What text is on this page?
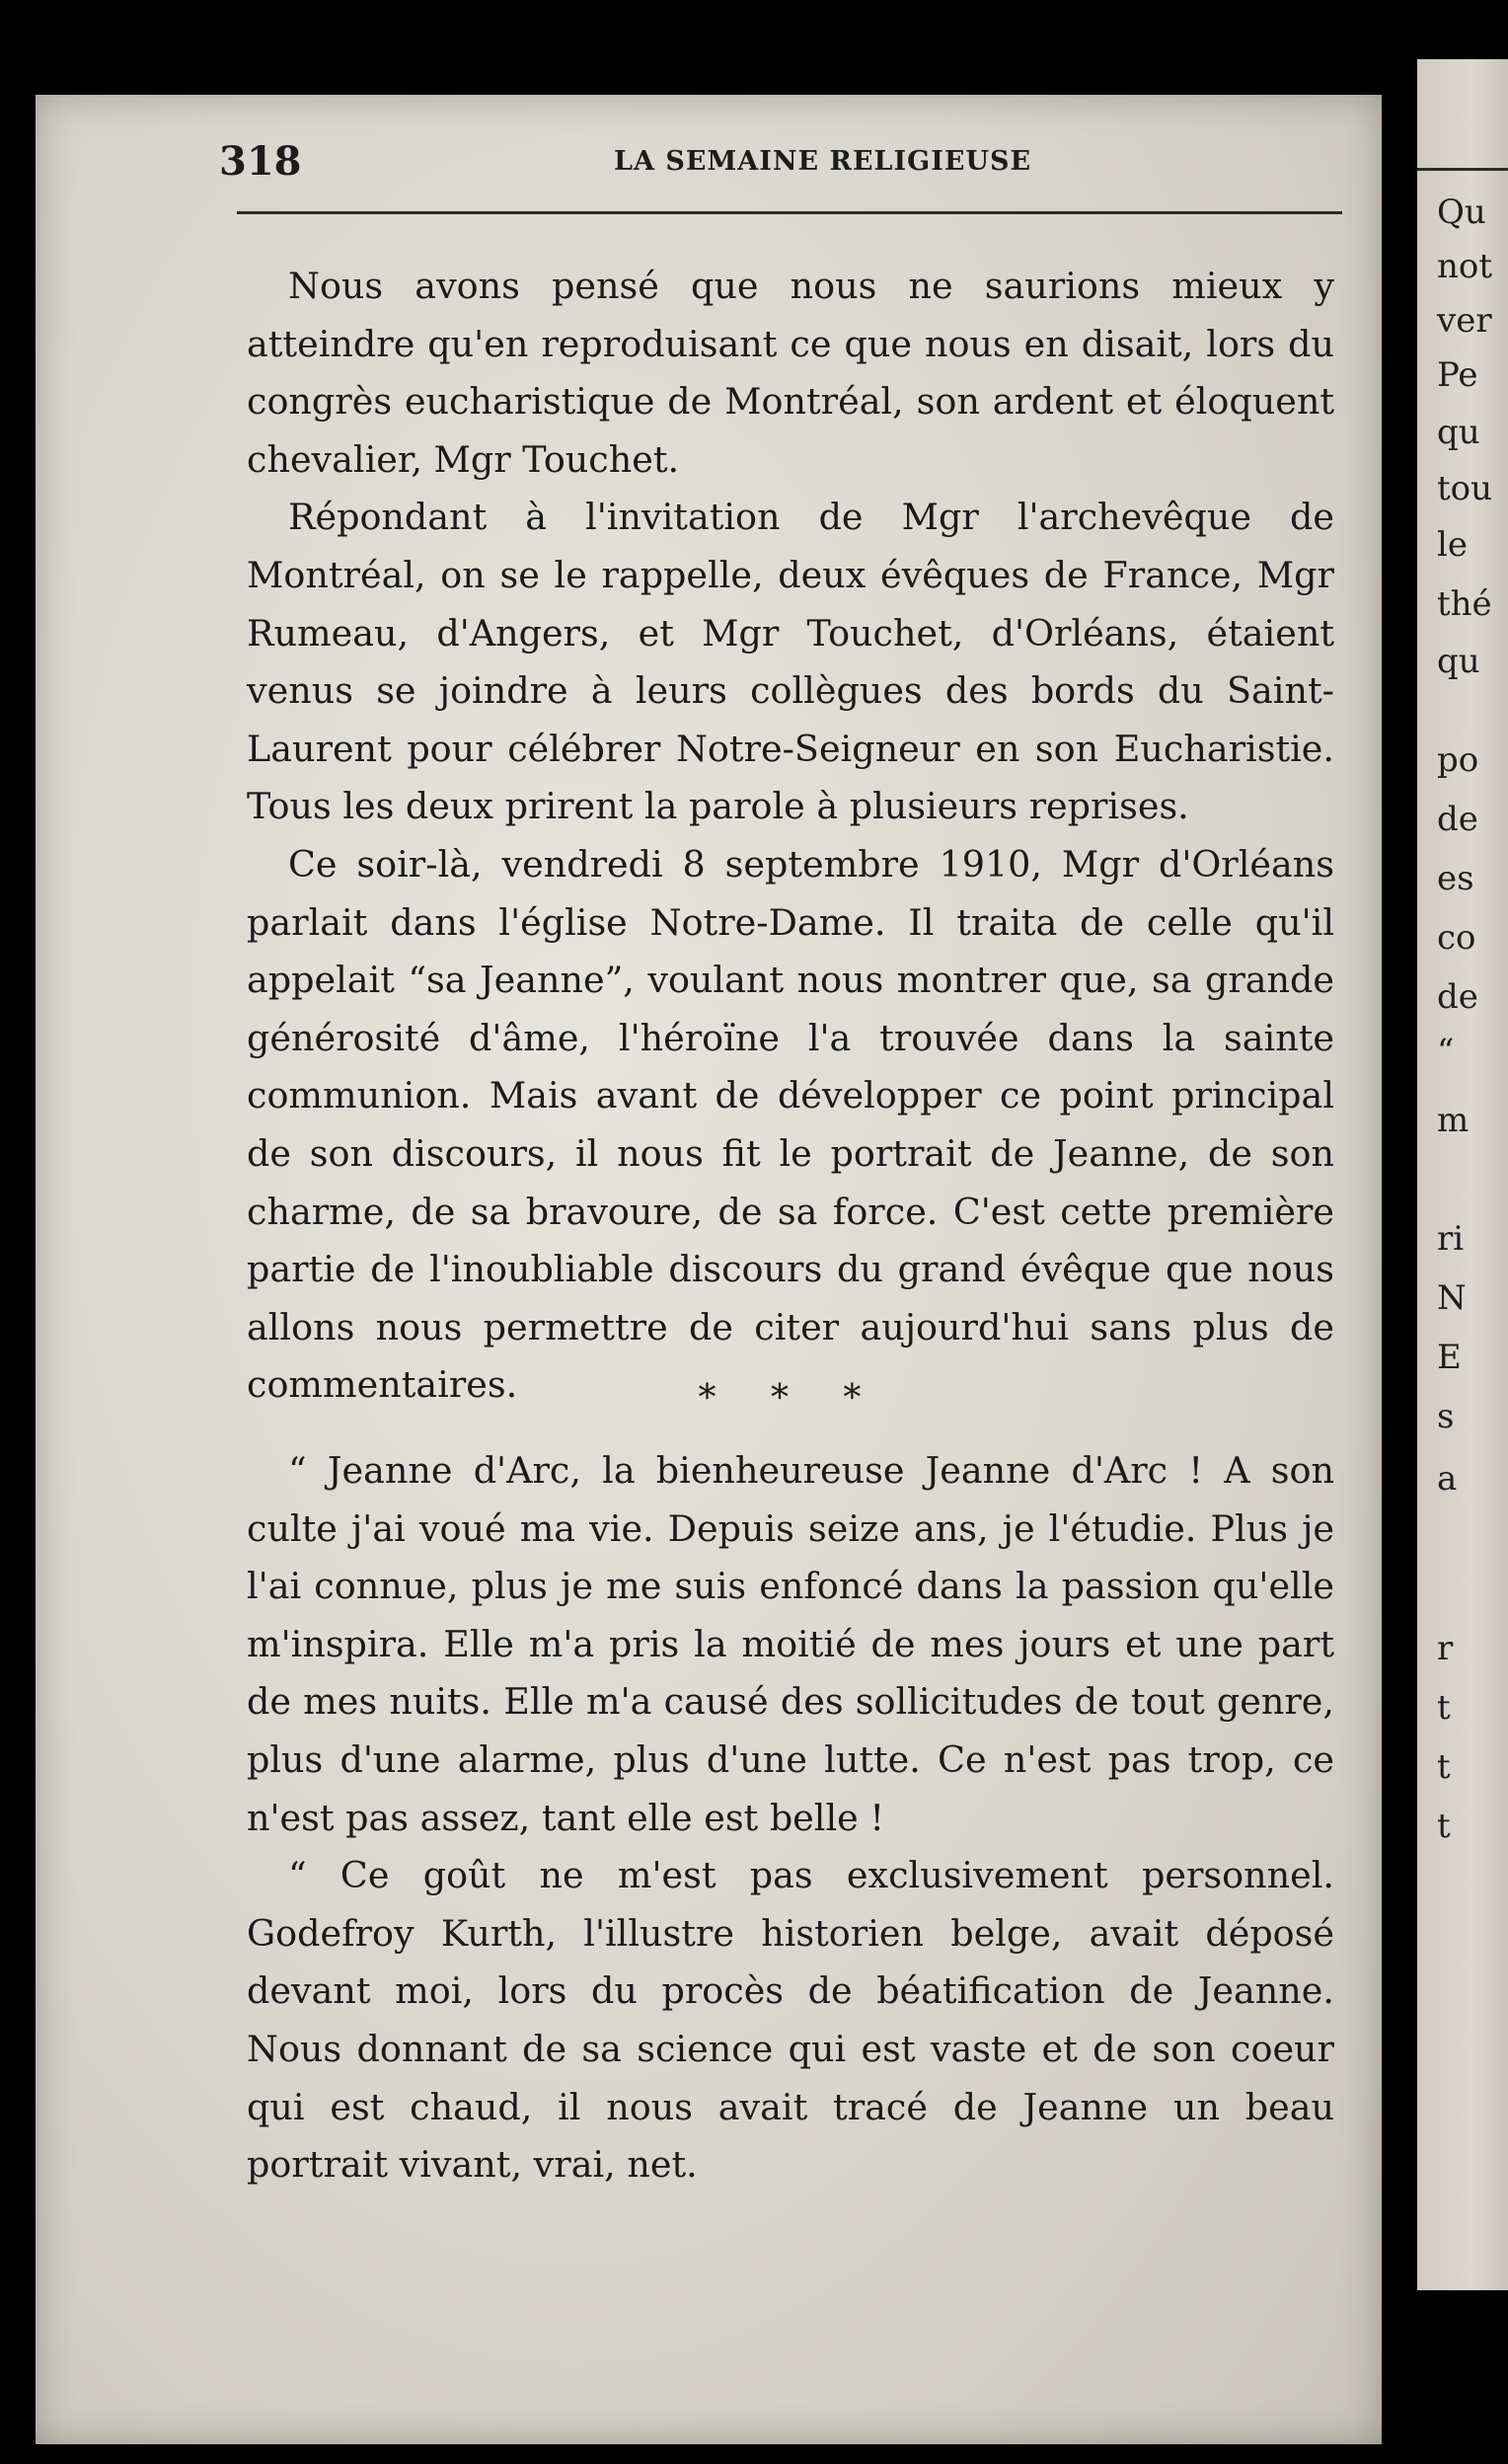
318	LA SEMAINE RELIGIEUSE

Nous avons pensé que nous ne saurions mieux y atteindre qu'en reproduisant ce que nous en disait, lors du congrès eucharistique de Montréal, son ardent et éloquent chevalier, Mgr Touchet.

Répondant à l'invitation de Mgr l'archevêque de Montréal, on se le rappelle, deux évêques de France, Mgr Rumeau, d'Angers, et Mgr Touchet, d'Orléans, étaient venus se joindre à leurs collègues des bords du Saint-Laurent pour célébrer Notre-Seigneur en son Eucharistie. Tous les deux prirent la parole à plusieurs reprises.

Ce soir-là, vendredi 8 septembre 1910, Mgr d'Orléans parlait dans l'église Notre-Dame. Il traita de celle qu'il appelait “sa Jeanne”, voulant nous montrer que, sa grande générosité d'âme, l'héroïne l'a trouvée dans la sainte communion. Mais avant de développer ce point principal de son discours, il nous fit le portrait de Jeanne, de son charme, de sa bravoure, de sa force. C'est cette première partie de l'inoubliable discours du grand évêque que nous allons nous permettre de citer aujourd'hui sans plus de commentaires.	* * *

“ Jeanne d'Arc, la bienheureuse Jeanne d'Arc ! A son culte j'ai voué ma vie. Depuis seize ans, je l'étudie. Plus je l'ai connue, plus je me suis enfoncé dans la passion qu'elle m'inspira. Elle m'a pris la moitié de mes jours et une part de mes nuits. Elle m'a causé des sollicitudes de tout genre, plus d'une alarme, plus d'une lutte. Ce n'est pas trop, ce n'est pas assez, tant elle est belle !

“ Ce goût ne m'est pas exclusivement personnel. Godefroy Kurth, l'illustre historien belge, avait déposé devant moi, lors du procès de béatification de Jeanne. Nous donnant de sa science qui est vaste et de son coeur qui est chaud, il nous avait tracé de Jeanne un beau portrait vivant, vrai, net.

Qu
not
ver
Pe
qu
tou
le
thé
qu
po
de
es
co
de
“
m
ri
N
E
s
a
r
t
t
t
